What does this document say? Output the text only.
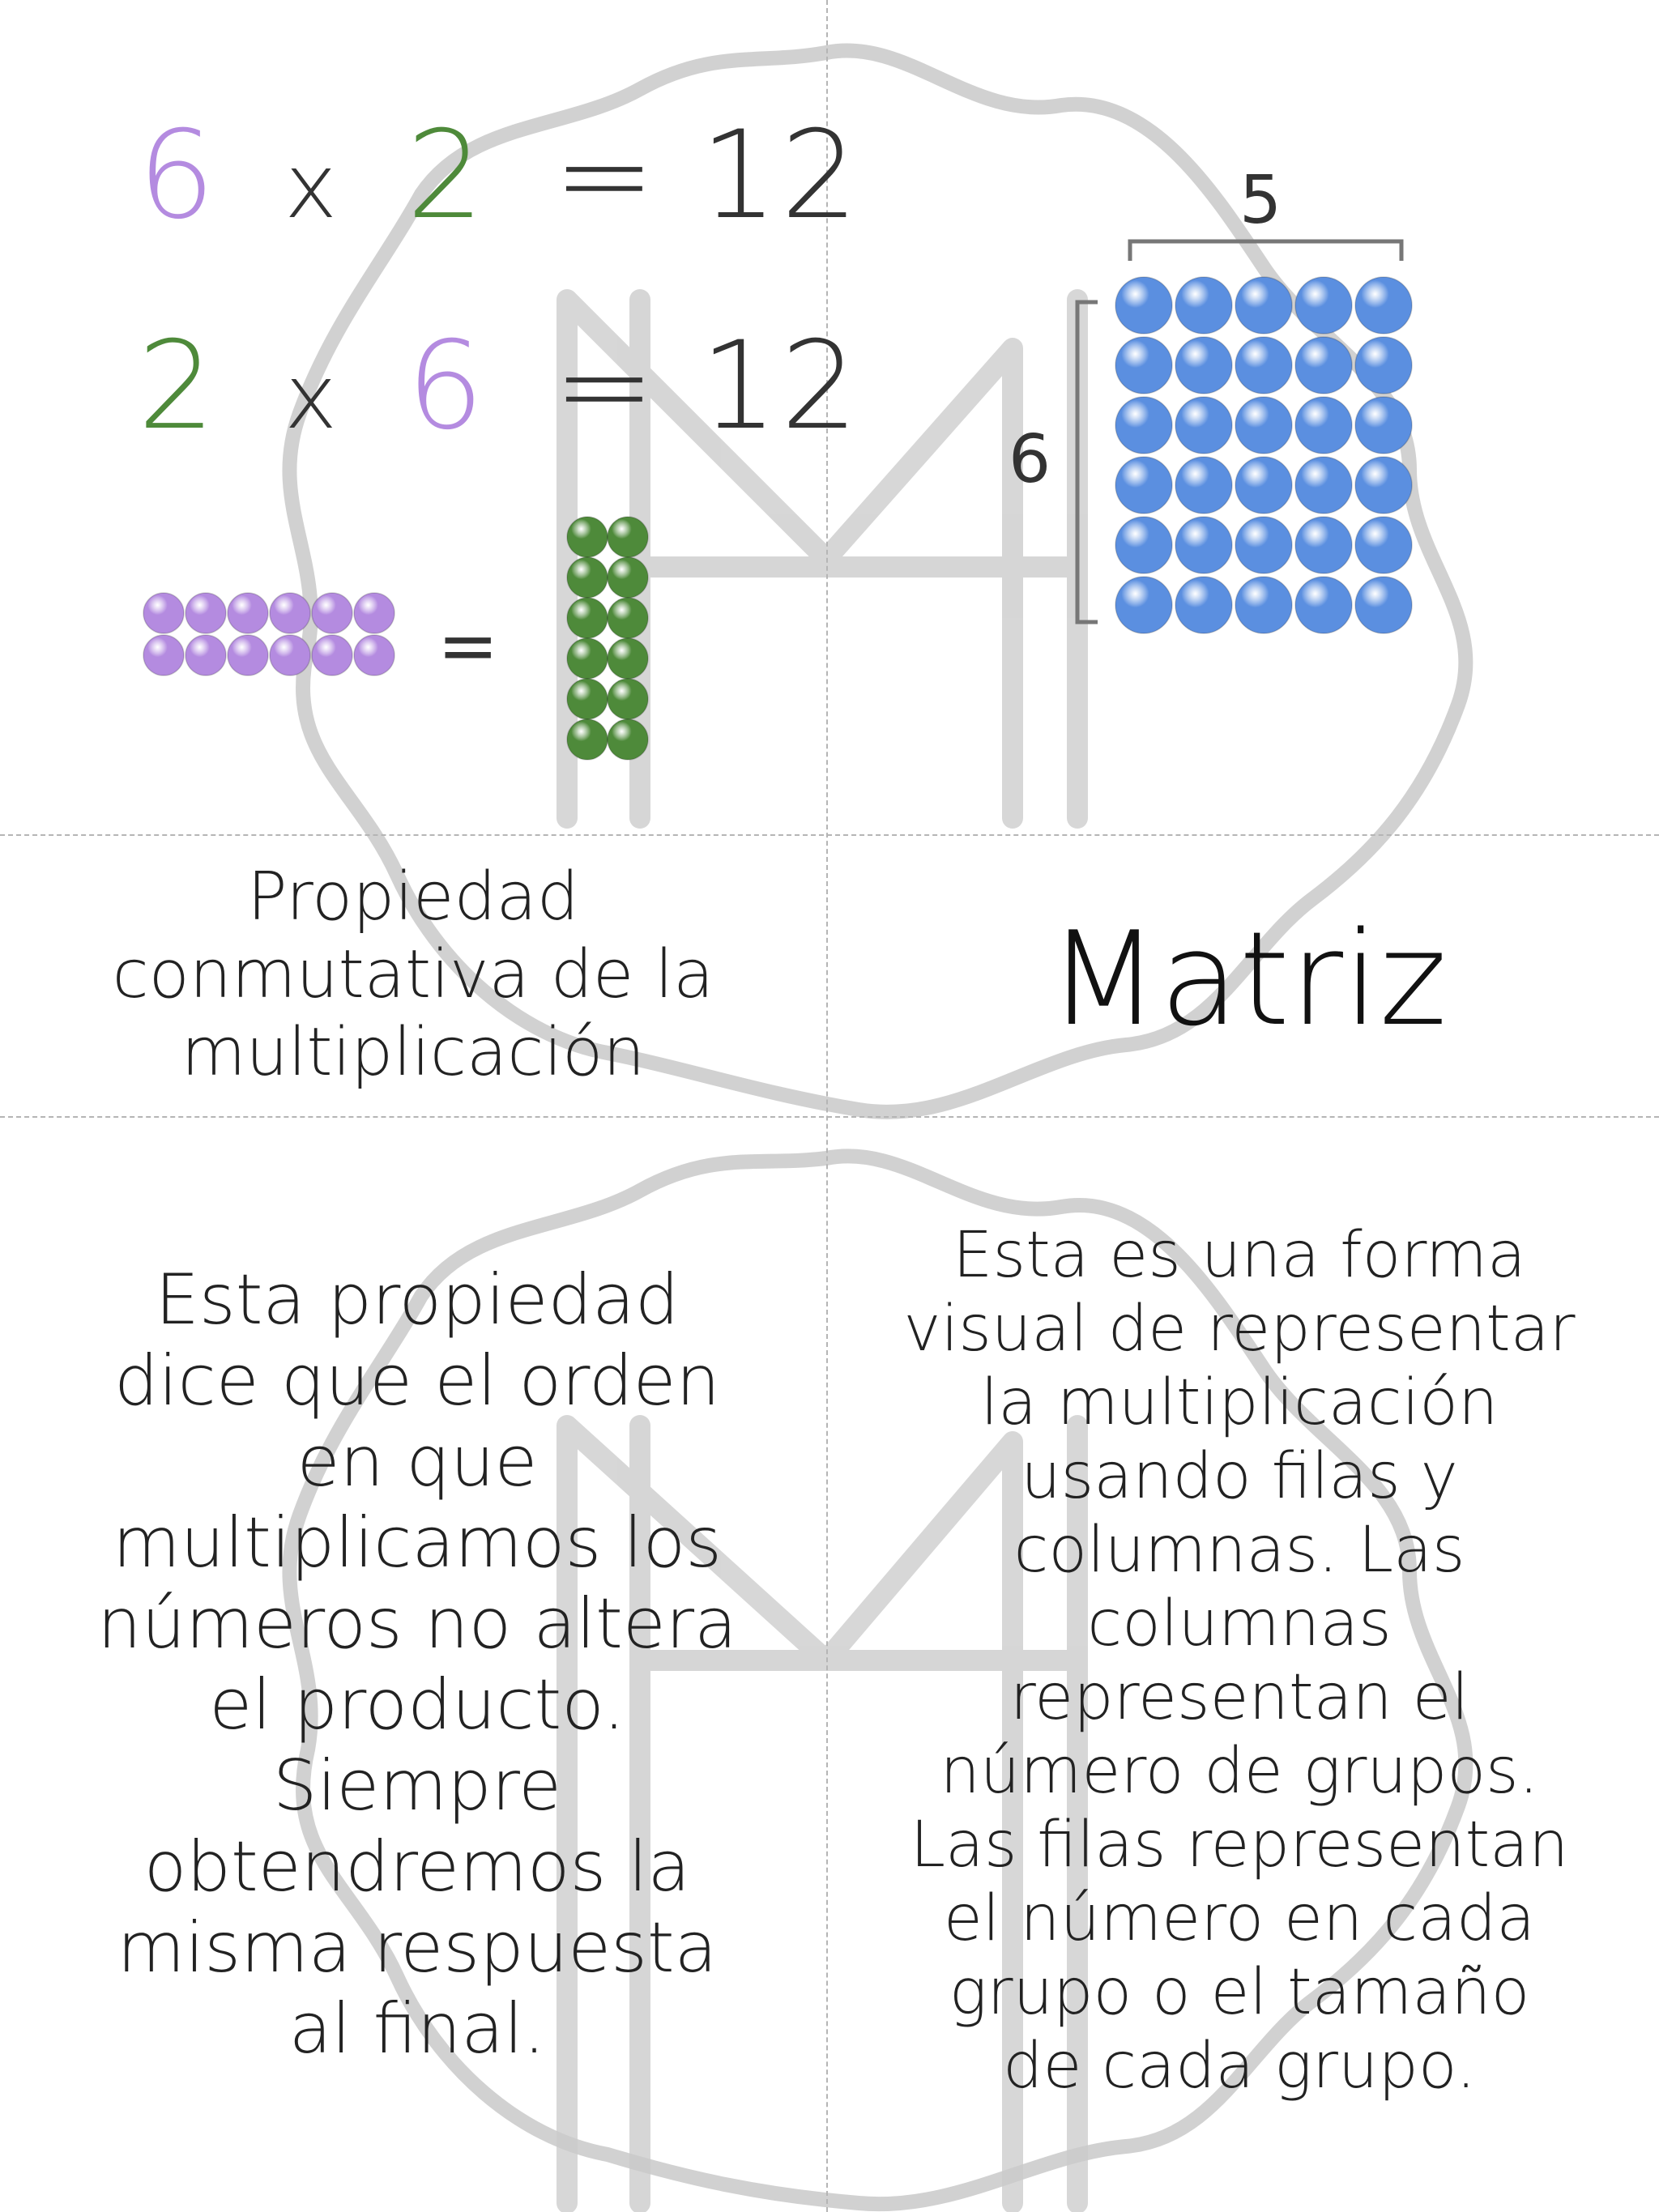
6 x 2 = 12
2 x 6 = 12
=
5
6
Propiedad
conmutativa de la
multiplicación	Matriz
Esta propiedad
dice que el orden
en que
multiplicamos los
números no altera
el producto.
Siempre
obtendremos la
misma respuesta
al final.
Esta es una forma
visual de representar
la multiplicación
usando filas y
columnas. Las
columnas
representan el
número de grupos.
Las filas representan
el número en cada
grupo o el tamaño
de cada grupo.
